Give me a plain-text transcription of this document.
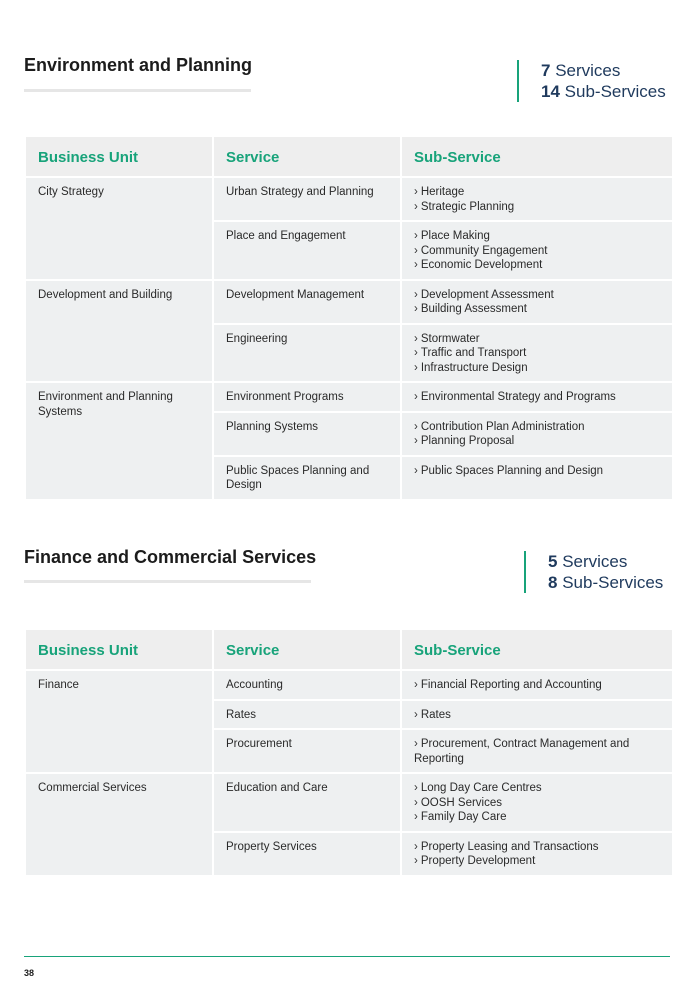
Environment and Planning	7 Services
14 Sub-Services
Business Unit	Service	Sub-Service
City Strategy	Urban Strategy and Planning	› Heritage
› Strategic Planning

	Place and Engagement	› Place Making
› Community Engagement
› Economic Development

Development and Building	Development Management	› Development Assessment
› Building Assessment

	Engineering	› Stormwater
› Traffic and Transport
› Infrastructure Design

Environment and Planning Systems	Environment Programs	› Environmental Strategy and Programs

	Planning Systems	› Contribution Plan Administration
› Planning Proposal

	Public Spaces Planning and Design	› Public Spaces Planning and Design
Finance and Commercial Services	5 Services
8 Sub-Services
Business Unit	Service	Sub-Service
Finance	Accounting	› Financial Reporting and Accounting

	Rates	› Rates

	Procurement	› Procurement, Contract Management and Reporting

Commercial Services	Education and Care	› Long Day Care Centres
› OOSH Services
› Family Day Care

	Property Services	› Property Leasing and Transactions
› Property Development
38
